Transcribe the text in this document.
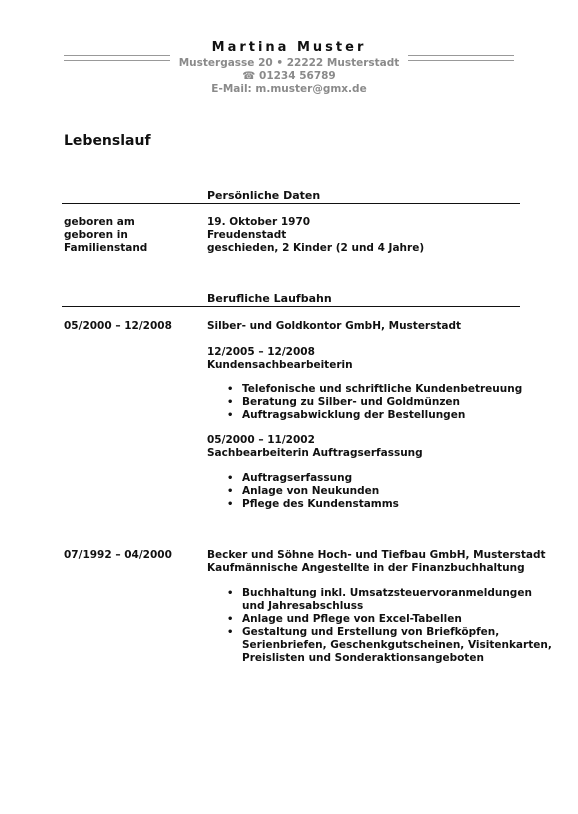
Martina Muster
Mustergasse 20 • 22222 Musterstadt
☎ 01234 56789
E-Mail: m.muster@gmx.de
Lebenslauf
Persönliche Daten
geboren am	19. Oktober 1970
geboren in	Freudenstadt
Familienstand	geschieden, 2 Kinder (2 und 4 Jahre)
Berufliche Laufbahn
05/2000 – 12/2008	Silber- und Goldkontor GmbH, Musterstadt
12/2005 – 12/2008
Kundensachbearbeiterin
• Telefonische und schriftliche Kundenbetreuung
• Beratung zu Silber- und Goldmünzen
• Auftragsabwicklung der Bestellungen
05/2000 – 11/2002
Sachbearbeiterin Auftragserfassung
• Auftragserfassung
• Anlage von Neukunden
• Pflege des Kundenstamms
07/1992 – 04/2000	Becker und Söhne Hoch- und Tiefbau GmbH, Musterstadt
Kaufmännische Angestellte in der Finanzbuchhaltung
• Buchhaltung inkl. Umsatzsteuervoranmeldungen
und Jahresabschluss
• Anlage und Pflege von Excel-Tabellen
• Gestaltung und Erstellung von Briefköpfen,
Serienbriefen, Geschenkgutscheinen, Visitenkarten,
Preislisten und Sonderaktionsangeboten
